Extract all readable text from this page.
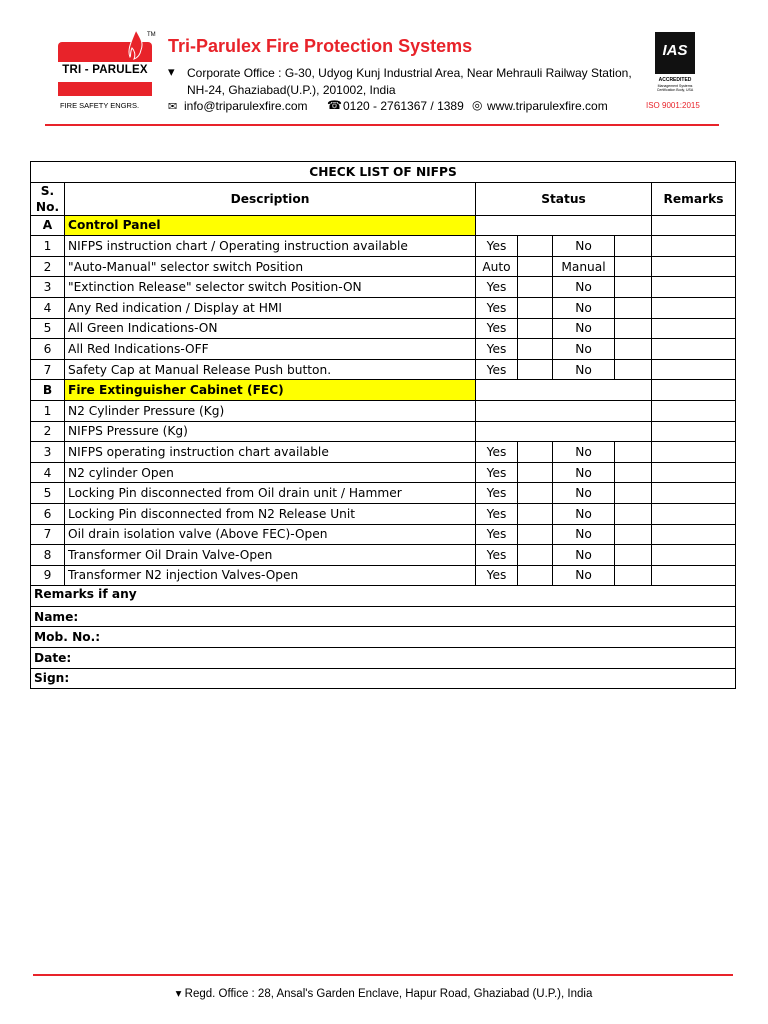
TM
TRI - PARULEX
FIRE SAFETY ENGRS.
Tri-Parulex Fire Protection Systems
▾ Corporate Office : G-30, Udyog Kunj Industrial Area, Near Mehrauli Railway Station,
NH-24, Ghaziabad(U.P.), 201002, India
✉ info@triparulexfire.com ☎ 0120 - 2761367 / 1389 ◎ www.triparulexfire.com
IAS
ACCREDITED
Management Systems Certification Body, USA
ISO 9001:2015
CHECK LIST OF NIFPS						
S. No.	Description	Status				Remarks
A	Control Panel					
1	NIFPS instruction chart / Operating instruction available	Yes		No		
2	"Auto-Manual" selector switch Position	Auto		Manual		
3	"Extinction Release" selector switch Position-ON	Yes		No		
4	Any Red indication / Display at HMI	Yes		No		
5	All Green Indications-ON	Yes		No		
6	All Red Indications-OFF	Yes		No		
7	Safety Cap at Manual Release Push button.	Yes		No		
B	Fire Extinguisher Cabinet (FEC)					
1	N2 Cylinder Pressure (Kg)					
2	NIFPS Pressure (Kg)					
3	NIFPS operating instruction chart available	Yes		No		
4	N2 cylinder Open	Yes		No		
5	Locking Pin disconnected from Oil drain unit / Hammer	Yes		No		
6	Locking Pin disconnected from N2 Release Unit	Yes		No		
7	Oil drain isolation valve (Above FEC)-Open	Yes		No		
8	Transformer Oil Drain Valve-Open	Yes		No		
9	Transformer N2 injection Valves-Open	Yes		No		
Remarks if any						
Name:						
Mob. No.:						
Date:						
Sign:						
▾ Regd. Office : 28, Ansal's Garden Enclave, Hapur Road, Ghaziabad (U.P.), India
